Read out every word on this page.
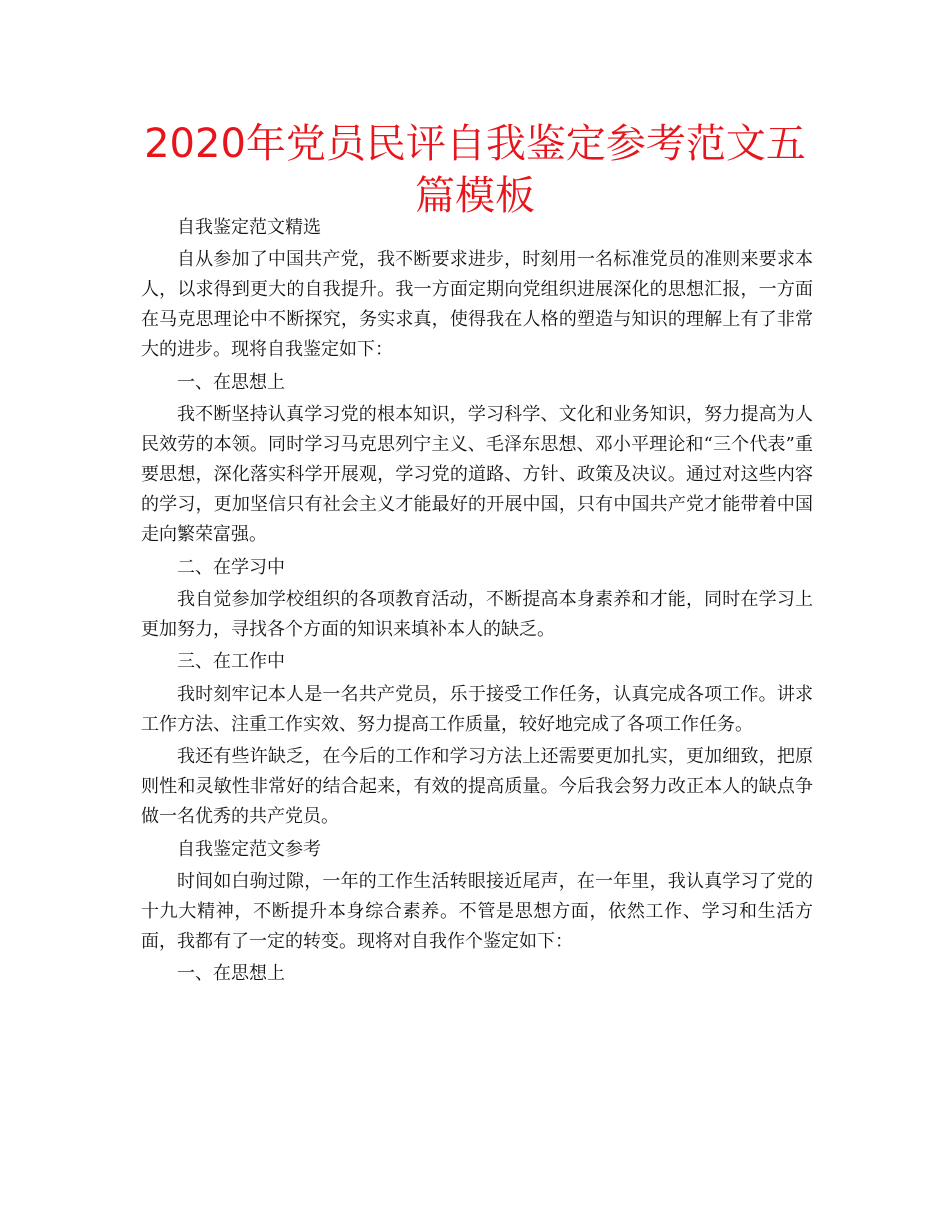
2020年党员民评自我鉴定参考范文五篇模板

自我鉴定范文精选

自从参加了中国共产党，我不断要求进步，时刻用一名标准党员的准则来要求本人，以求得到更大的自我提升。我一方面定期向党组织进展深化的思想汇报，一方面在马克思理论中不断探究，务实求真，使得我在人格的塑造与知识的理解上有了非常大的进步。现将自我鉴定如下：

一、在思想上

我不断坚持认真学习党的根本知识，学习科学、文化和业务知识，努力提高为人民效劳的本领。同时学习马克思列宁主义、毛泽东思想、邓小平理论和“三个代表”重要思想，深化落实科学开展观，学习党的道路、方针、政策及决议。通过对这些内容的学习，更加坚信只有社会主义才能最好的开展中国，只有中国共产党才能带着中国走向繁荣富强。

二、在学习中

我自觉参加学校组织的各项教育活动，不断提高本身素养和才能，同时在学习上更加努力，寻找各个方面的知识来填补本人的缺乏。

三、在工作中

我时刻牢记本人是一名共产党员，乐于接受工作任务，认真完成各项工作。讲求工作方法、注重工作实效、努力提高工作质量，较好地完成了各项工作任务。

我还有些许缺乏，在今后的工作和学习方法上还需要更加扎实，更加细致，把原则性和灵敏性非常好的结合起来，有效的提高质量。今后我会努力改正本人的缺点争做一名优秀的共产党员。

自我鉴定范文参考

时间如白驹过隙，一年的工作生活转眼接近尾声，在一年里，我认真学习了党的十九大精神，不断提升本身综合素养。不管是思想方面，依然工作、学习和生活方面，我都有了一定的转变。现将对自我作个鉴定如下：

一、在思想上
